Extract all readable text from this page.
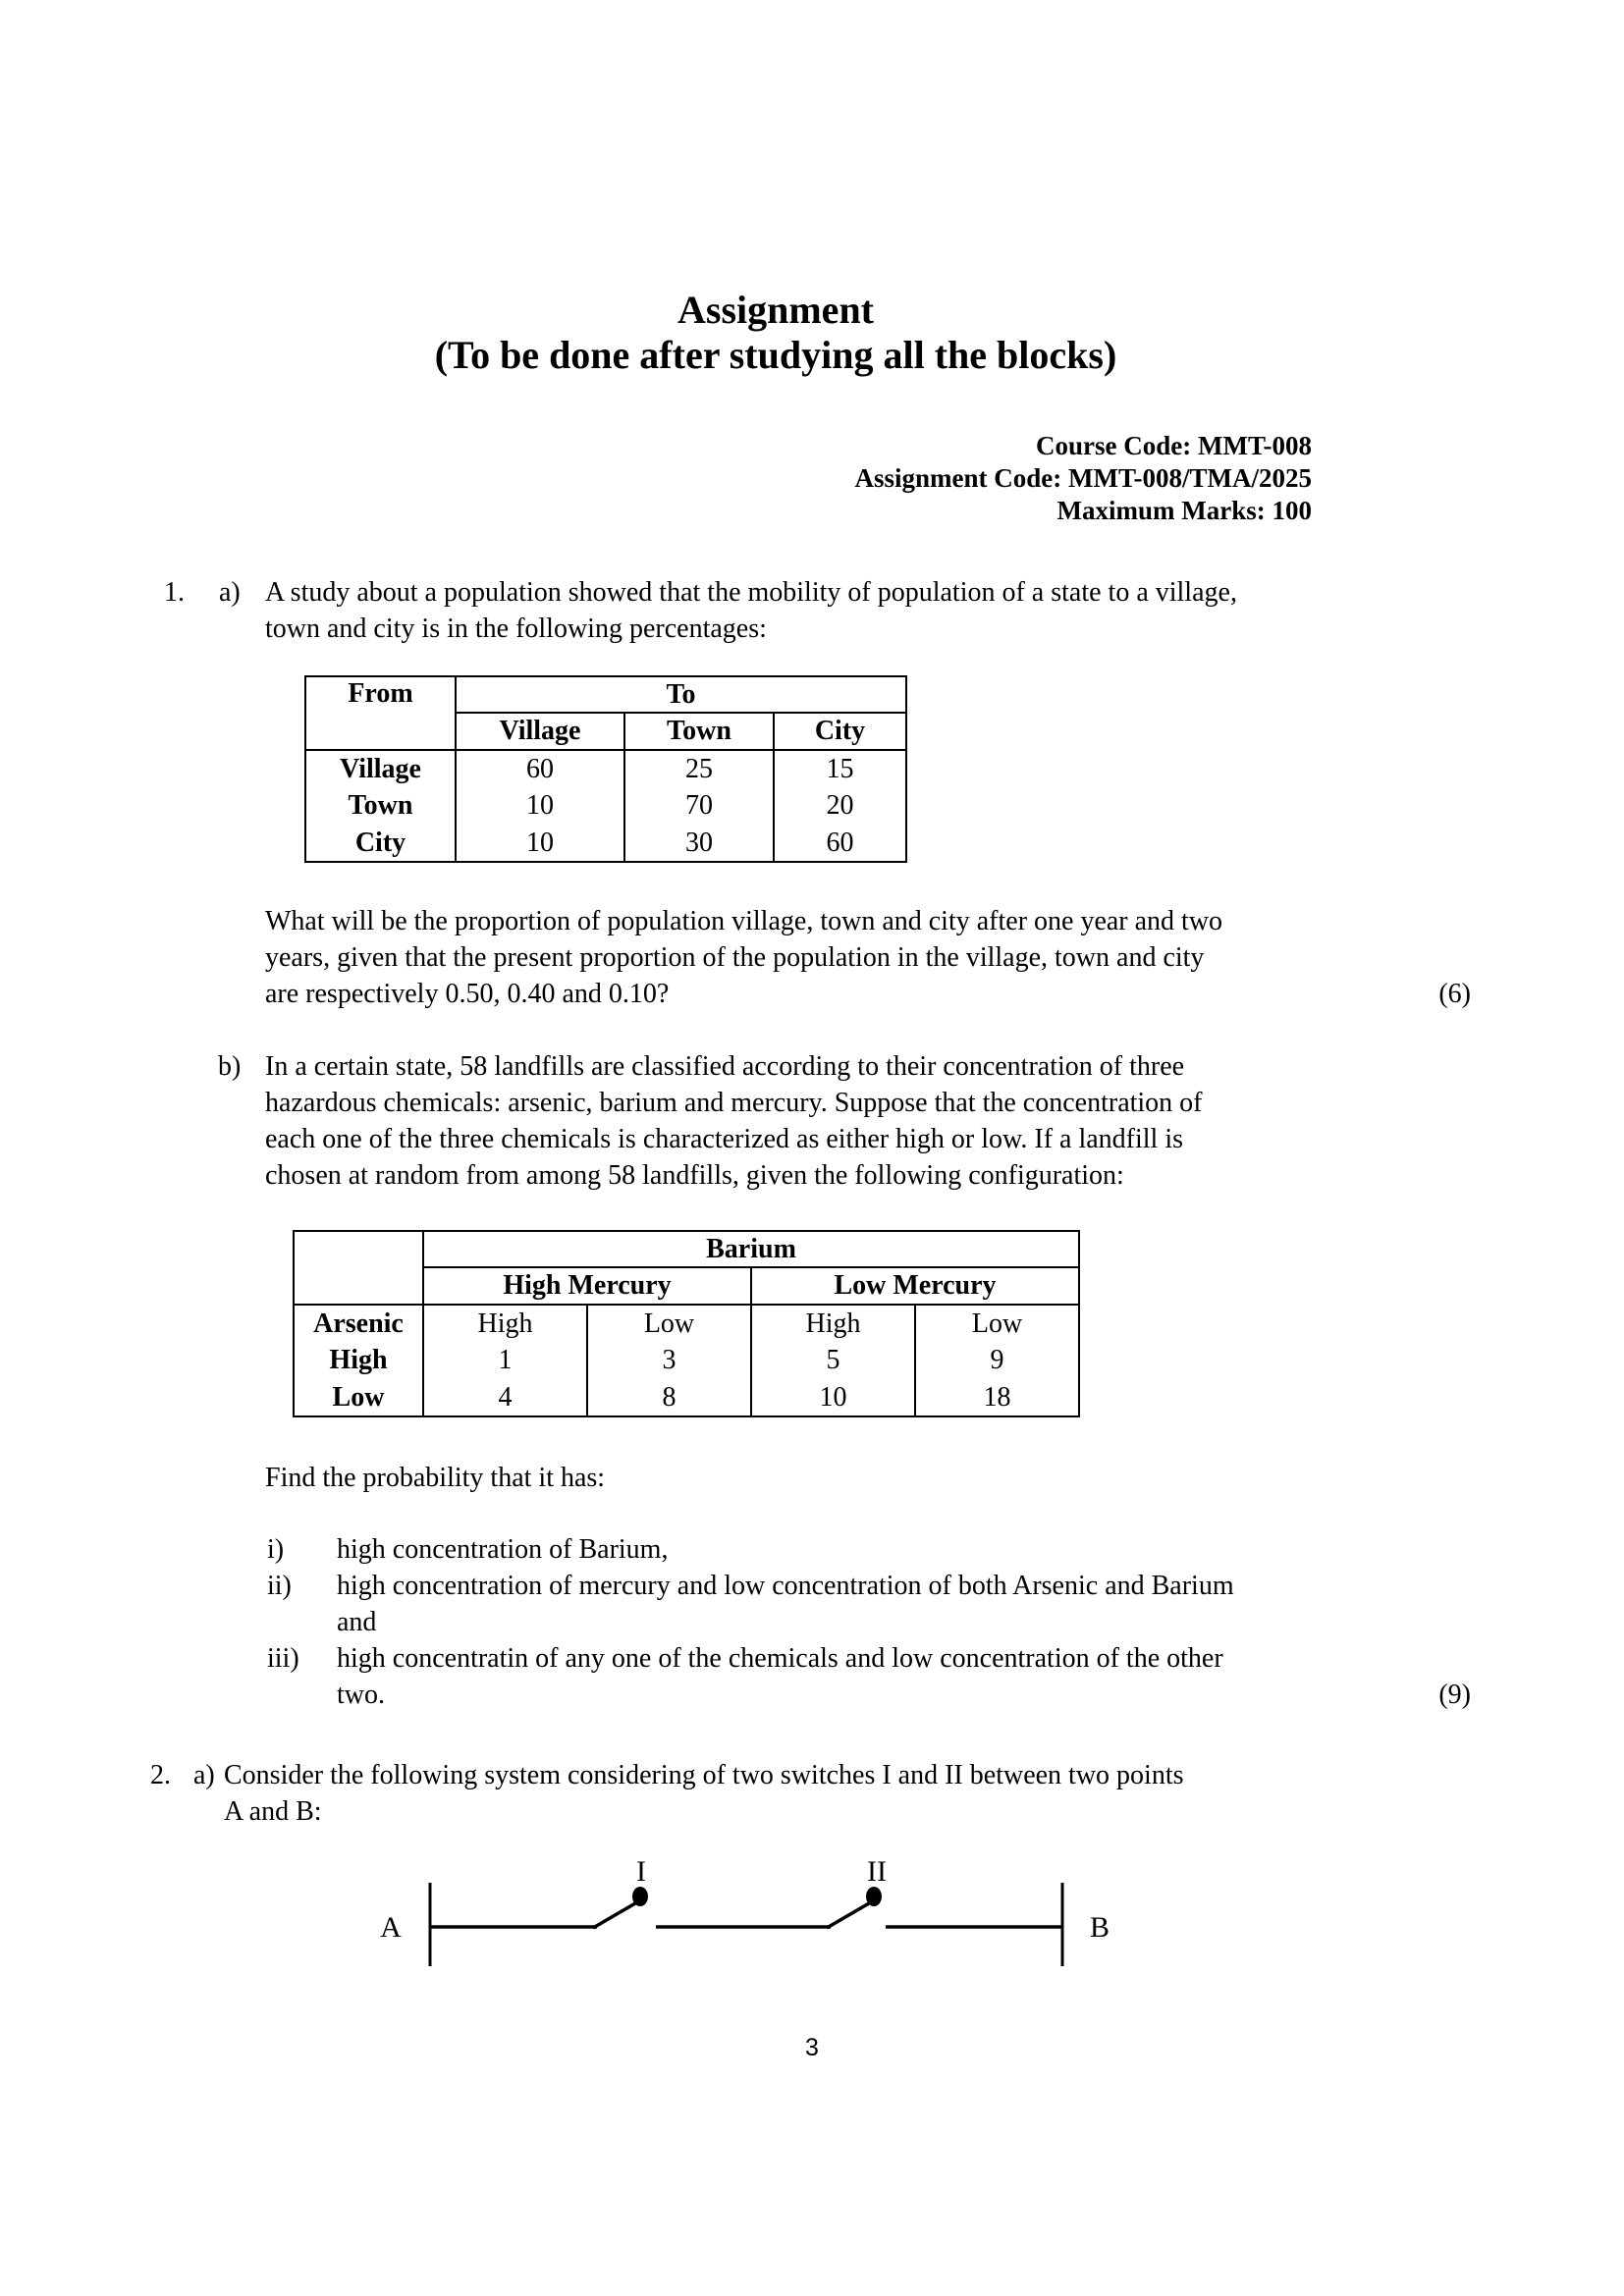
Assignment
(To be done after studying all the blocks)
Course Code: MMT-008
Assignment Code: MMT-008/TMA/2025
Maximum Marks: 100
1. a) A study about a population showed that the mobility of population of a state to a village,
town and city is in the following percentages:
From	To		
	Village	Town	City
Village	60	25	15
Town	10	70	20
City	10	30	60
What will be the proportion of population village, town and city after one year and two
years, given that the present proportion of the population in the village, town and city
are respectively 0.50, 0.40 and 0.10?	(6)
b) In a certain state, 58 landfills are classified according to their concentration of three
hazardous chemicals: arsenic, barium and mercury. Suppose that the concentration of
each one of the three chemicals is characterized as either high or low. If a landfill is
chosen at random from among 58 landfills, given the following configuration:
	Barium			
	High Mercury		Low Mercury	
Arsenic	High	Low	High	Low
High	1	3	5	9
Low	4	8	10	18
Find the probability that it has:
i) high concentration of Barium,
ii) high concentration of mercury and low concentration of both Arsenic and Barium
and
iii) high concentratin of any one of the chemicals and low concentration of the other
two.	(9)
2. a) Consider the following system considering of two switches I and II between two points
A and B:
A
I	II
B
3
